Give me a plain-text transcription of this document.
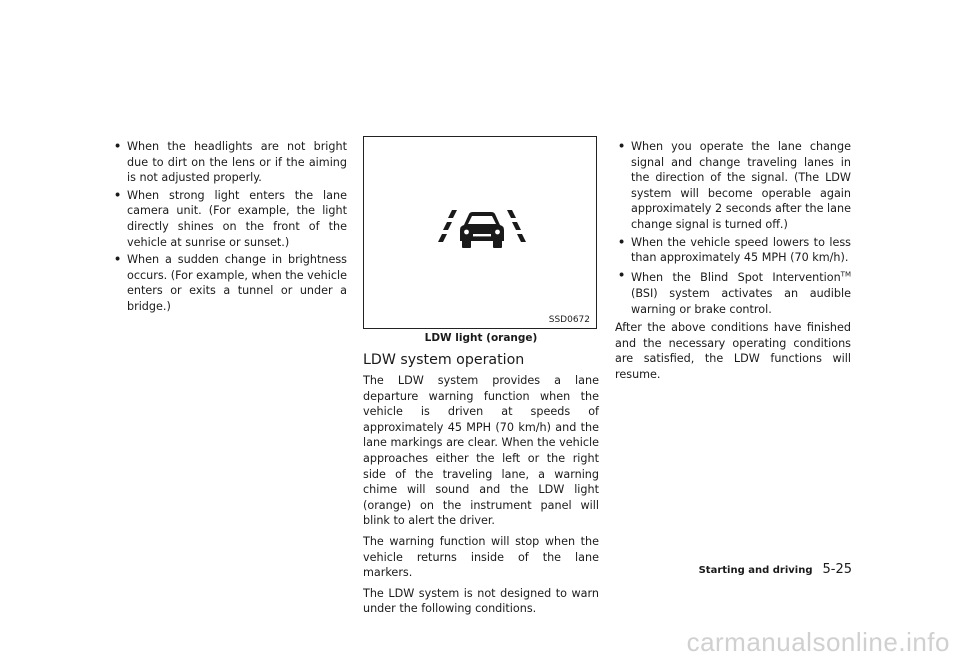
• When the headlights are not bright due to dirt on the lens or if the aiming is not adjusted properly.
• When strong light enters the lane camera unit. (For example, the light directly shines on the front of the vehicle at sunrise or sunset.)
• When a sudden change in brightness occurs. (For example, when the vehicle enters or exits a tunnel or under a bridge.)
SSD0672
LDW light (orange)
LDW system operation

The LDW system provides a lane departure warning function when the vehicle is driven at speeds of approximately 45 MPH (70 km/h) and the lane markings are clear. When the vehicle approaches either the left or the right side of the traveling lane, a warning chime will sound and the LDW light (orange) on the instrument panel will blink to alert the driver.

The warning function will stop when the vehicle returns inside of the lane markers.

The LDW system is not designed to warn under the following conditions.

• When you operate the lane change signal and change traveling lanes in the direction of the signal. (The LDW system will become operable again approximately 2 seconds after the lane change signal is turned off.)
• When the vehicle speed lowers to less than approximately 45 MPH (70 km/h).
• When the Blind Spot Intervention™ (BSI) system activates an audible warning or brake control.

After the above conditions have finished and the necessary operating conditions are satisfied, the LDW functions will resume.

Starting and driving 5-25
carmanualsonline.info
